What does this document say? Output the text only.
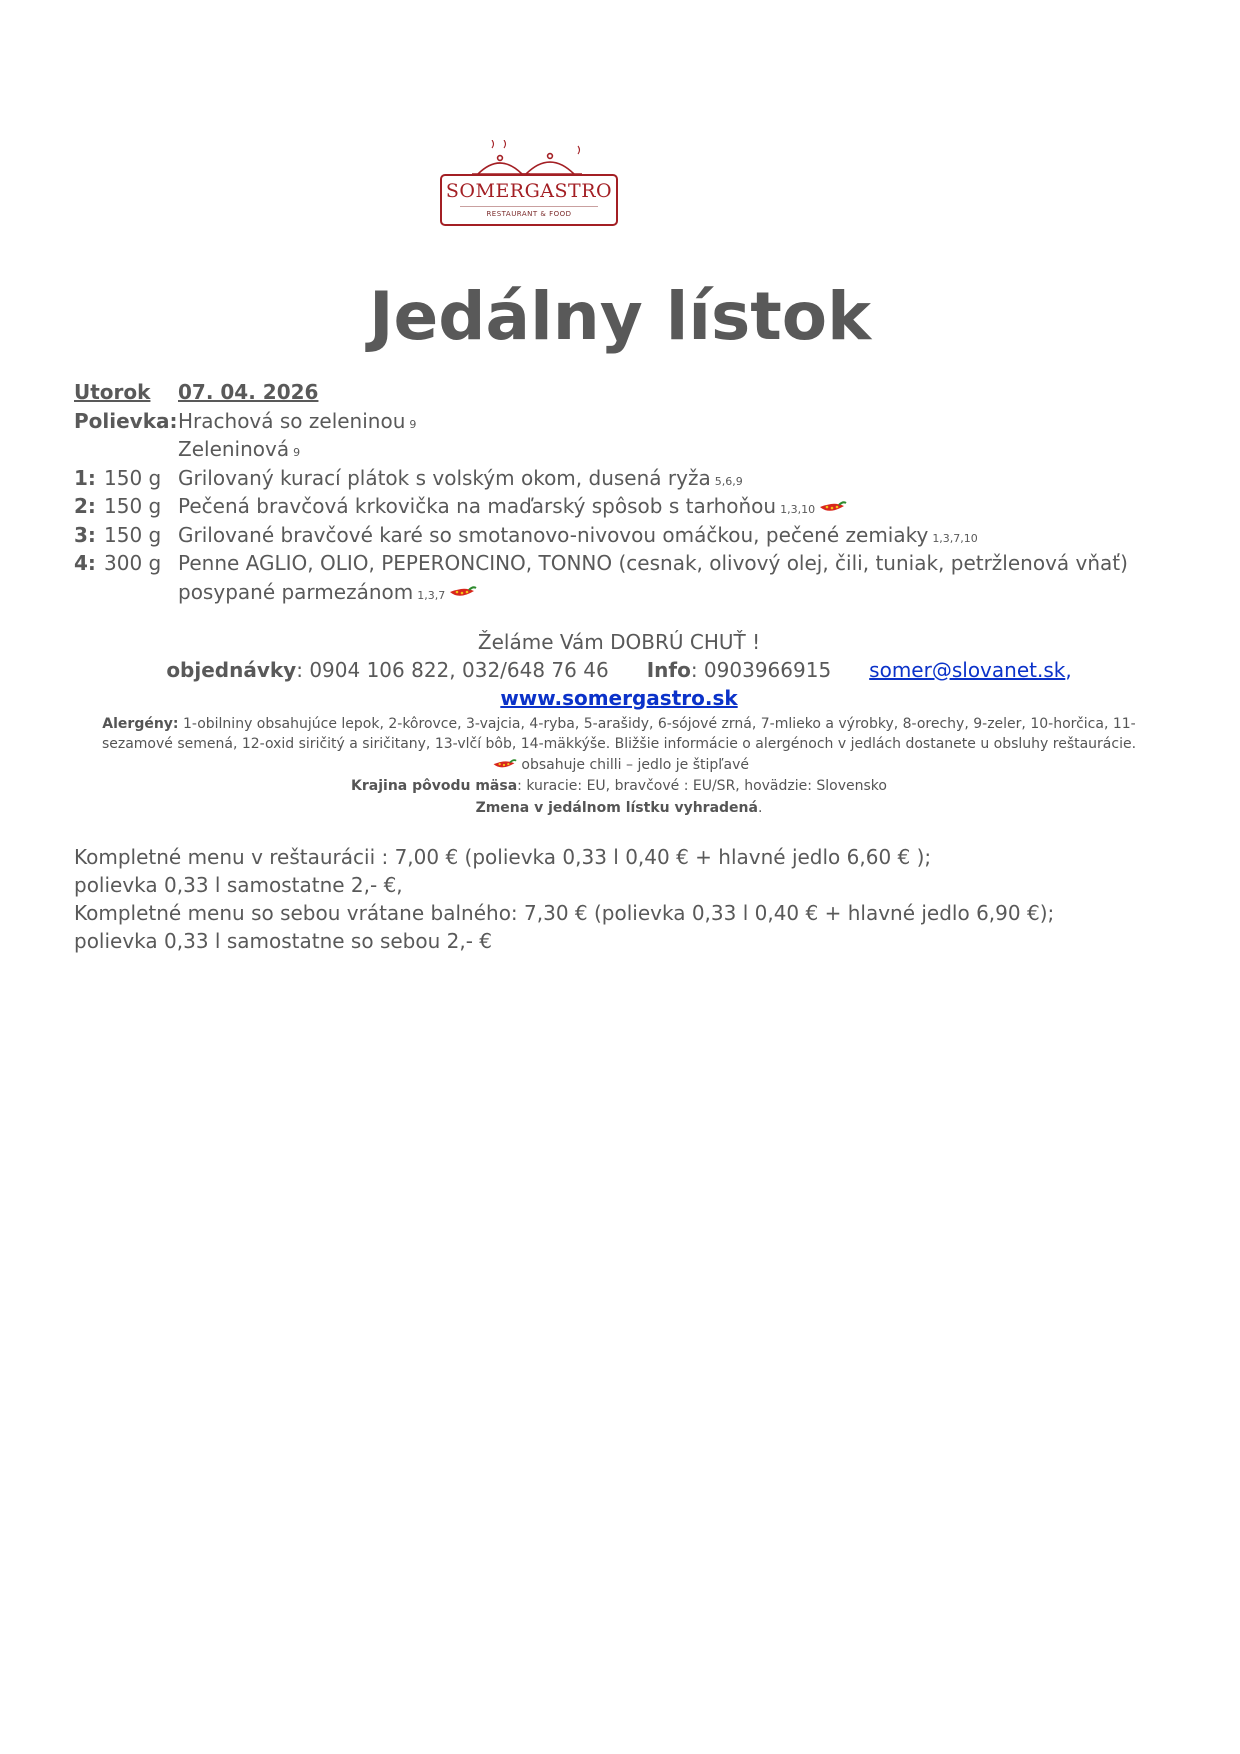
SOMERGASTRO
RESTAURANT & FOOD
Jedálny lístok
Utorok 07. 04. 2026
Polievka: Hrachová so zeleninou 9
Zeleninová 9
1: 150 g Grilovaný kurací plátok s volským okom, dusená ryža 5,6,9
2: 150 g Pečená bravčová krkovička na maďarský spôsob s tarhoňou 1,3,10
3: 150 g Grilované bravčové karé so smotanovo-nivovou omáčkou, pečené zemiaky 1,3,7,10
4: 300 g Penne AGLIO, OLIO, PEPERONCINO, TONNO (cesnak, olivový olej, čili, tuniak, petržlenová vňať)
posypané parmezánom 1,3,7
Želáme Vám DOBRÚ CHUŤ !
objednávky: 0904 106 822, 032/648 76 46 Info: 0903966915 somer@slovanet.sk,
www.somergastro.sk
Alergény: 1-obilniny obsahujúce lepok, 2-kôrovce, 3-vajcia, 4-ryba, 5-arašidy, 6-sójové zrná, 7-mlieko a výrobky, 8-orechy, 9-zeler, 10-horčica, 11-
sezamové semená, 12-oxid siričitý a siričitany, 13-vlčí bôb, 14-mäkkýše. Bližšie informácie o alergénoch v jedlách dostanete u obsluhy reštaurácie.
obsahuje chilli – jedlo je štipľavé
Krajina pôvodu mäsa: kuracie: EU, bravčové : EU/SR, hovädzie: Slovensko
Zmena v jedálnom lístku vyhradená.
Kompletné menu v reštaurácii : 7,00 € (polievka 0,33 l 0,40 € + hlavné jedlo 6,60 € );
polievka 0,33 l samostatne 2,- €,
Kompletné menu so sebou vrátane balného: 7,30 € (polievka 0,33 l 0,40 € + hlavné jedlo 6,90 €);
polievka 0,33 l samostatne so sebou 2,- €
